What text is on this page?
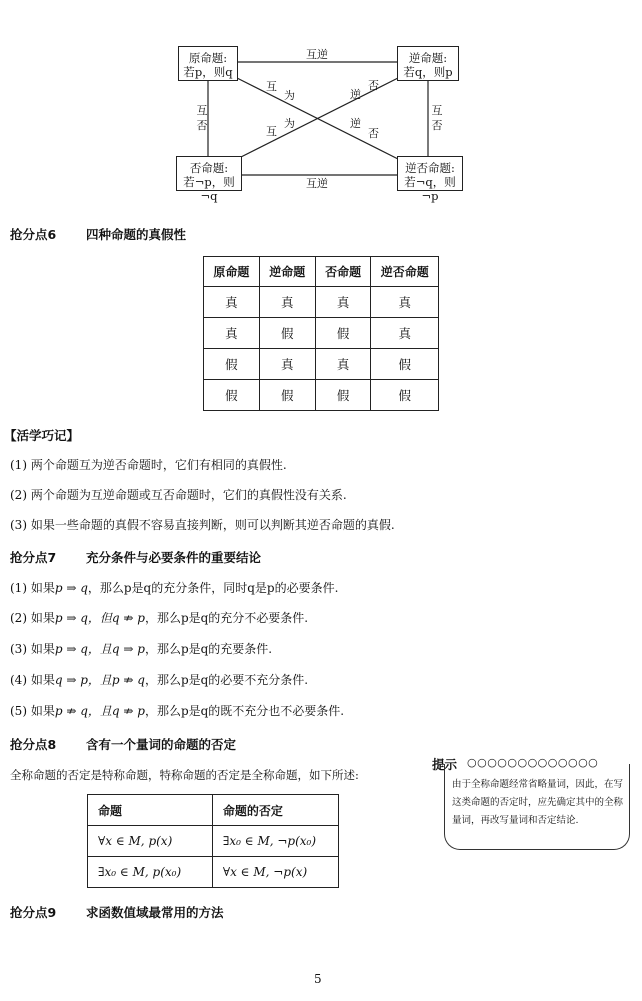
原命题:
若p，则q
逆命题:
若q，则p
否命题:
若¬p，则¬q
逆否命题:
若¬q，则¬p
互逆
互逆
互
否
互
否
互
为	逆
否
互
为	逆
否
抢分点6 四种命题的真假性
原命题	逆命题	否命题	逆否命题
真	真	真	真
真	假	假	真
假	真	真	假
假	假	假	假
【活学巧记】
(1) 两个命题互为逆否命题时，它们有相同的真假性.
(2) 两个命题为互逆命题或互否命题时，它们的真假性没有关系.
(3) 如果一些命题的真假不容易直接判断，则可以判断其逆否命题的真假.
抢分点7 充分条件与必要条件的重要结论
(1) 如果p ⇒ q，那么p是q的充分条件，同时q是p的必要条件.
(2) 如果p ⇒ q，但q ⇏ p，那么p是q的充分不必要条件.
(3) 如果p ⇒ q，且q ⇒ p，那么p是q的充要条件.
(4) 如果q ⇒ p，且p ⇏ q，那么p是q的必要不充分条件.
(5) 如果p ⇏ q，且q ⇏ p，那么p是q的既不充分也不必要条件.
抢分点8 含有一个量词的命题的否定
全称命题的否定是特称命题，特称命题的否定是全称命题，如下所述:
命题	命题的否定
∀x ∈ M, p(x)	∃x₀ ∈ M, ¬p(x₀)
∃x₀ ∈ M, p(x₀)	∀x ∈ M, ¬p(x)
提示 ○○○○○○○○○○○○○
由于全称命题经常省略量词，因此，在写这类命题的否定时，应先确定其中的全称量词，再改写量词和否定结论.
抢分点9 求函数值域最常用的方法
5
